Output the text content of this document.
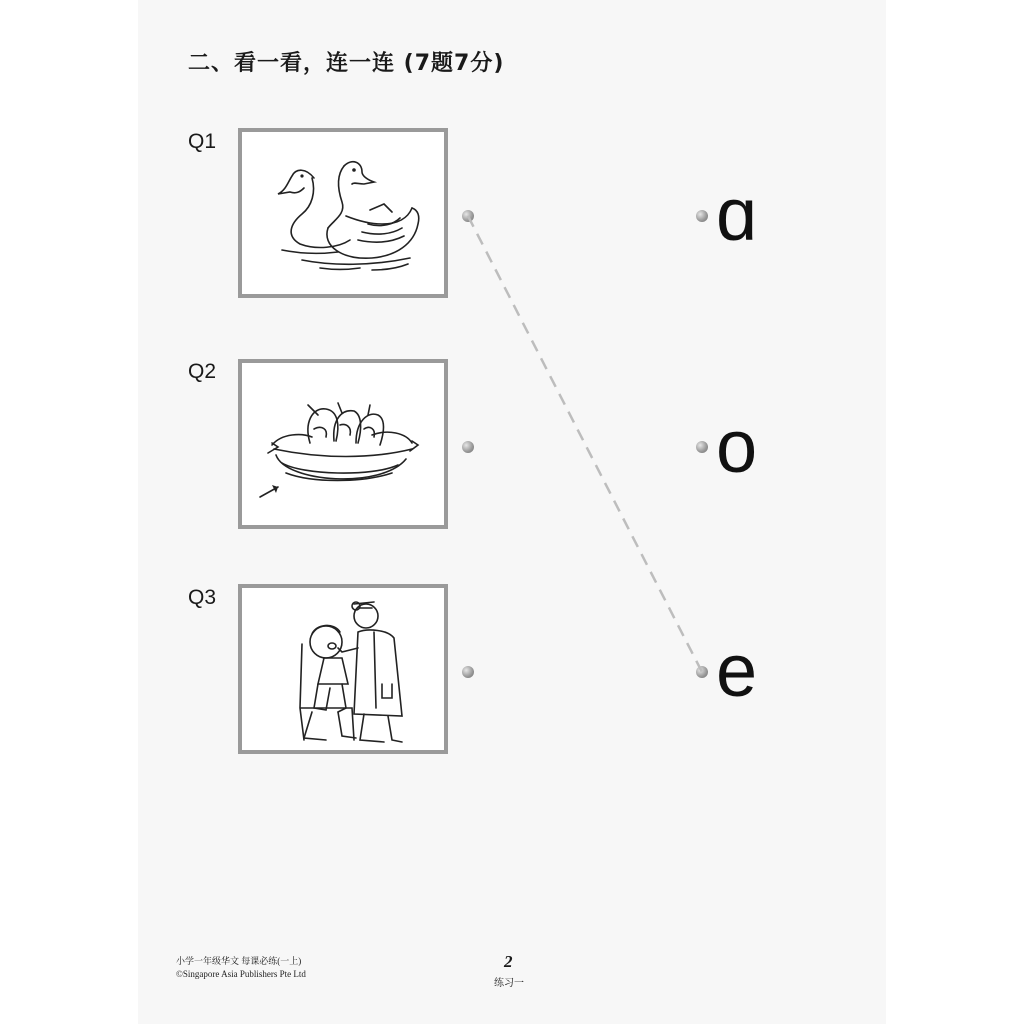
二、看一看，连一连 (7题7分)
Q1
Q2
Q3
ɑ
o
e
小学一年级华文 每课必练(一上)
©Singapore Asia Publishers Pte Ltd
2
练习一
